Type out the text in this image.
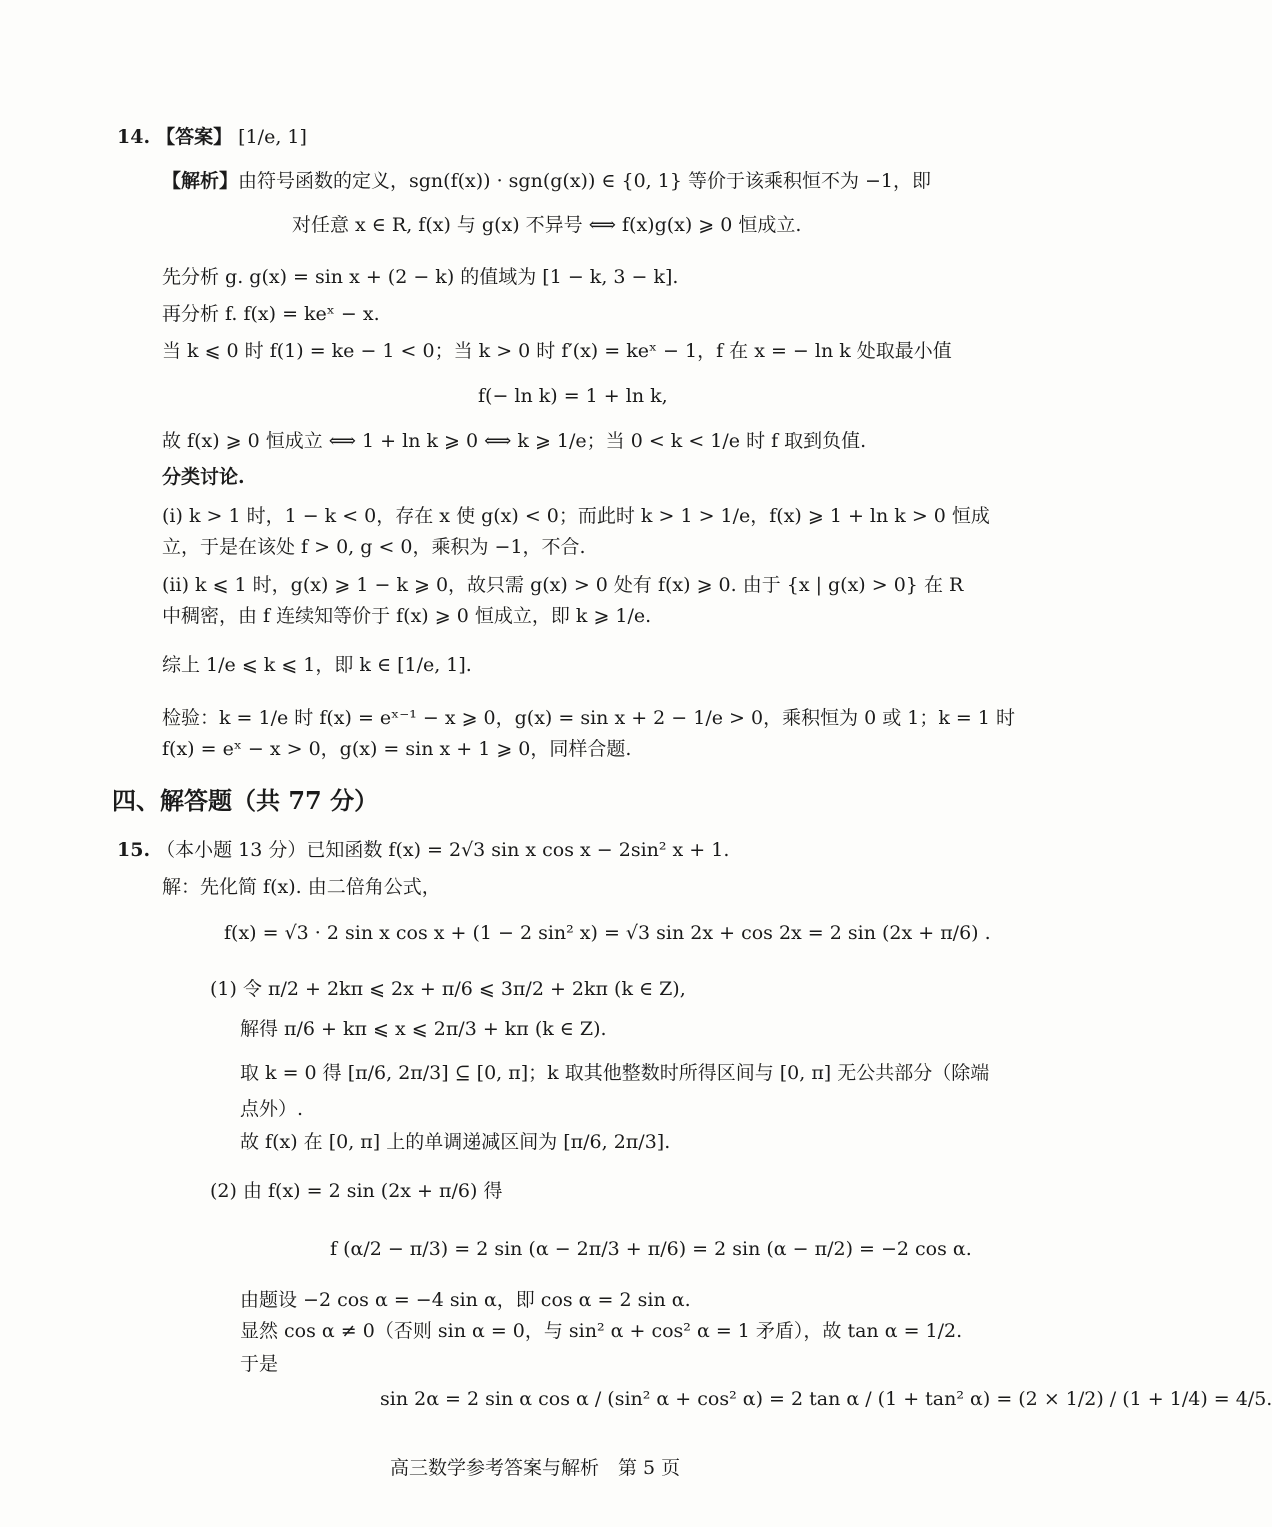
14. 【答案】 [1/e, 1]
【解析】由符号函数的定义，sgn(f(x)) · sgn(g(x)) ∈ {0, 1} 等价于该乘积恒不为 −1，即
对任意 x ∈ R, f(x) 与 g(x) 不异号 ⟺ f(x)g(x) ⩾ 0 恒成立.
先分析 g. g(x) = sin x + (2 − k) 的值域为 [1 − k, 3 − k].
再分析 f. f(x) = keˣ − x.
当 k ⩽ 0 时 f(1) = ke − 1 < 0；当 k > 0 时 f′(x) = keˣ − 1，f 在 x = − ln k 处取最小值
f(− ln k) = 1 + ln k,
故 f(x) ⩾ 0 恒成立 ⟺ 1 + ln k ⩾ 0 ⟺ k ⩾ 1/e；当 0 < k < 1/e 时 f 取到负值.
分类讨论.
(i) k > 1 时，1 − k < 0，存在 x 使 g(x) < 0；而此时 k > 1 > 1/e，f(x) ⩾ 1 + ln k > 0 恒成
立，于是在该处 f > 0, g < 0，乘积为 −1，不合.
(ii) k ⩽ 1 时，g(x) ⩾ 1 − k ⩾ 0，故只需 g(x) > 0 处有 f(x) ⩾ 0. 由于 {x | g(x) > 0} 在 R
中稠密，由 f 连续知等价于 f(x) ⩾ 0 恒成立，即 k ⩾ 1/e.
综上 1/e ⩽ k ⩽ 1，即 k ∈ [1/e, 1].
检验：k = 1/e 时 f(x) = eˣ⁻¹ − x ⩾ 0，g(x) = sin x + 2 − 1/e > 0，乘积恒为 0 或 1；k = 1 时
f(x) = eˣ − x > 0，g(x) = sin x + 1 ⩾ 0，同样合题.
四、解答题（共 77 分）
15. （本小题 13 分）已知函数 f(x) = 2√3 sin x cos x − 2sin² x + 1.
解：先化简 f(x). 由二倍角公式，
f(x) = √3 · 2 sin x cos x + (1 − 2 sin² x) = √3 sin 2x + cos 2x = 2 sin (2x + π/6) .
(1) 令 π/2 + 2kπ ⩽ 2x + π/6 ⩽ 3π/2 + 2kπ (k ∈ Z),
解得 π/6 + kπ ⩽ x ⩽ 2π/3 + kπ (k ∈ Z).
取 k = 0 得 [π/6, 2π/3] ⊆ [0, π]；k 取其他整数时所得区间与 [0, π] 无公共部分（除端
点外）.
故 f(x) 在 [0, π] 上的单调递减区间为 [π/6, 2π/3].
(2) 由 f(x) = 2 sin (2x + π/6) 得
f (α/2 − π/3) = 2 sin (α − 2π/3 + π/6) = 2 sin (α − π/2) = −2 cos α.
由题设 −2 cos α = −4 sin α，即 cos α = 2 sin α.
显然 cos α ≠ 0（否则 sin α = 0，与 sin² α + cos² α = 1 矛盾），故 tan α = 1/2.
于是
sin 2α = 2 sin α cos α / (sin² α + cos² α) = 2 tan α / (1 + tan² α) = (2 × 1/2) / (1 + 1/4) = 4/5.
高三数学参考答案与解析　第 5 页
